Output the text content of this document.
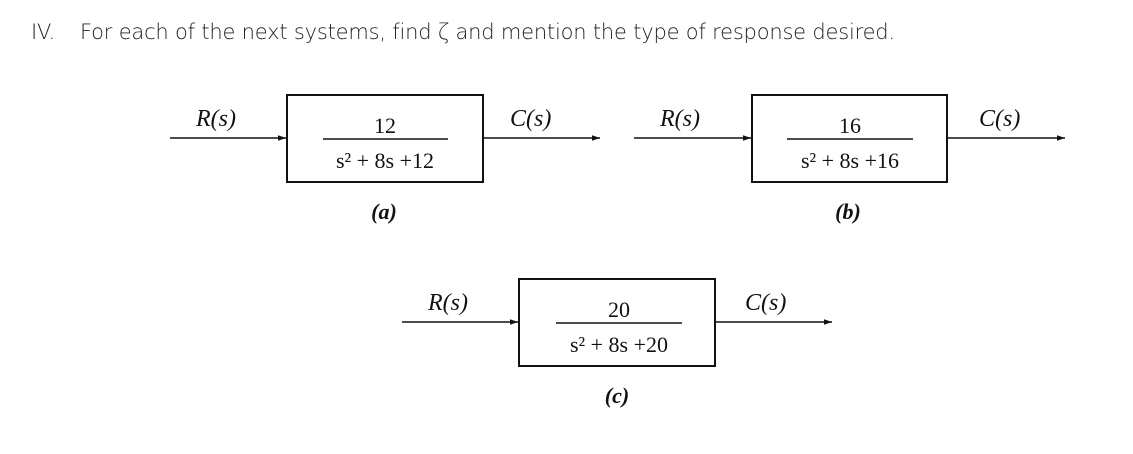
IV. For each of the next systems, find ζ and mention the type of response desired.
R(s)	12
s² + 8s +12
C(s)
(a)
R(s)	16
s² + 8s +16
C(s)
(b)
R(s)	20
s² + 8s +20
C(s)
(c)
